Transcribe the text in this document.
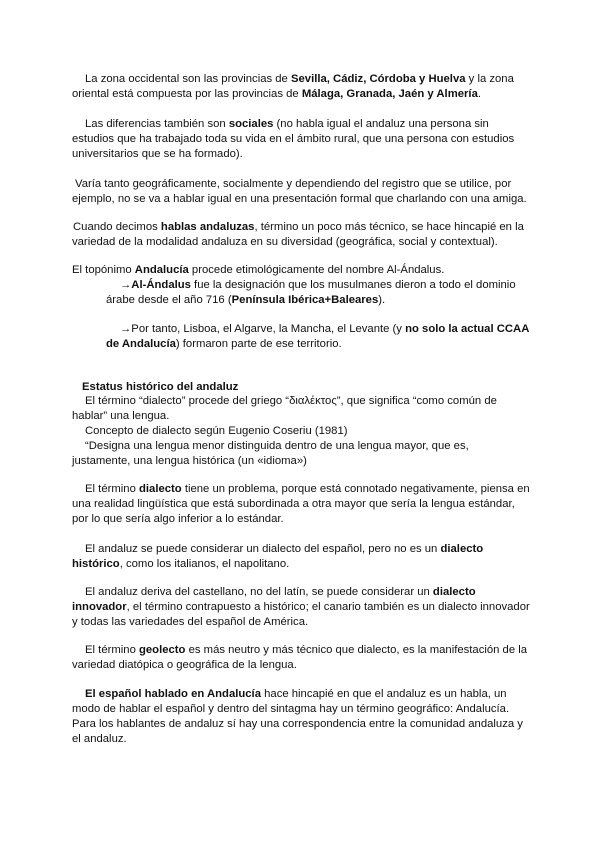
La zona occidental son las provincias de Sevilla, Cádiz, Córdoba y Huelva y la zona oriental está compuesta por las provincias de Málaga, Granada, Jaén y Almería.

Las diferencias también son sociales (no habla igual el andaluz una persona sin estudios que ha trabajado toda su vida en el ámbito rural, que una persona con estudios universitarios que se ha formado).

Varía tanto geográficamente, socialmente y dependiendo del registro que se utilice, por ejemplo, no se va a hablar igual en una presentación formal que charlando con una amiga.

Cuando decimos hablas andaluzas, término un poco más técnico, se hace hincapié en la variedad de la modalidad andaluza en su diversidad (geográfica, social y contextual).

El topónimo Andalucía procede etimológicamente del nombre Al-Ándalus.

→Al-Ándalus fue la designación que los musulmanes dieron a todo el dominio árabe desde el año 716 (Península Ibérica+Baleares).

→Por tanto, Lisboa, el Algarve, la Mancha, el Levante (y no solo la actual CCAA de Andalucía) formaron parte de ese territorio.

Estatus histórico del andaluz

El término “dialecto” procede del griego “διαλέκτος”, que significa “como común de hablar” una lengua.

Concepto de dialecto según Eugenio Coseriu (1981)

“Designa una lengua menor distinguida dentro de una lengua mayor, que es, justamente, una lengua histórica (un «idioma»)

El término dialecto tiene un problema, porque está connotado negativamente, piensa en una realidad lingüística que está subordinada a otra mayor que sería la lengua estándar, por lo que sería algo inferior a lo estándar.

El andaluz se puede considerar un dialecto del español, pero no es un dialecto histórico, como los italianos, el napolitano.

El andaluz deriva del castellano, no del latín, se puede considerar un dialecto innovador, el término contrapuesto a histórico; el canario también es un dialecto innovador y todas las variedades del español de América.

El término geolecto es más neutro y más técnico que dialecto, es la manifestación de la variedad diatópica o geográfica de la lengua.

El español hablado en Andalucía hace hincapié en que el andaluz es un habla, un modo de hablar el español y dentro del sintagma hay un término geográfico: Andalucía. Para los hablantes de andaluz sí hay una correspondencia entre la comunidad andaluza y el andaluz.
